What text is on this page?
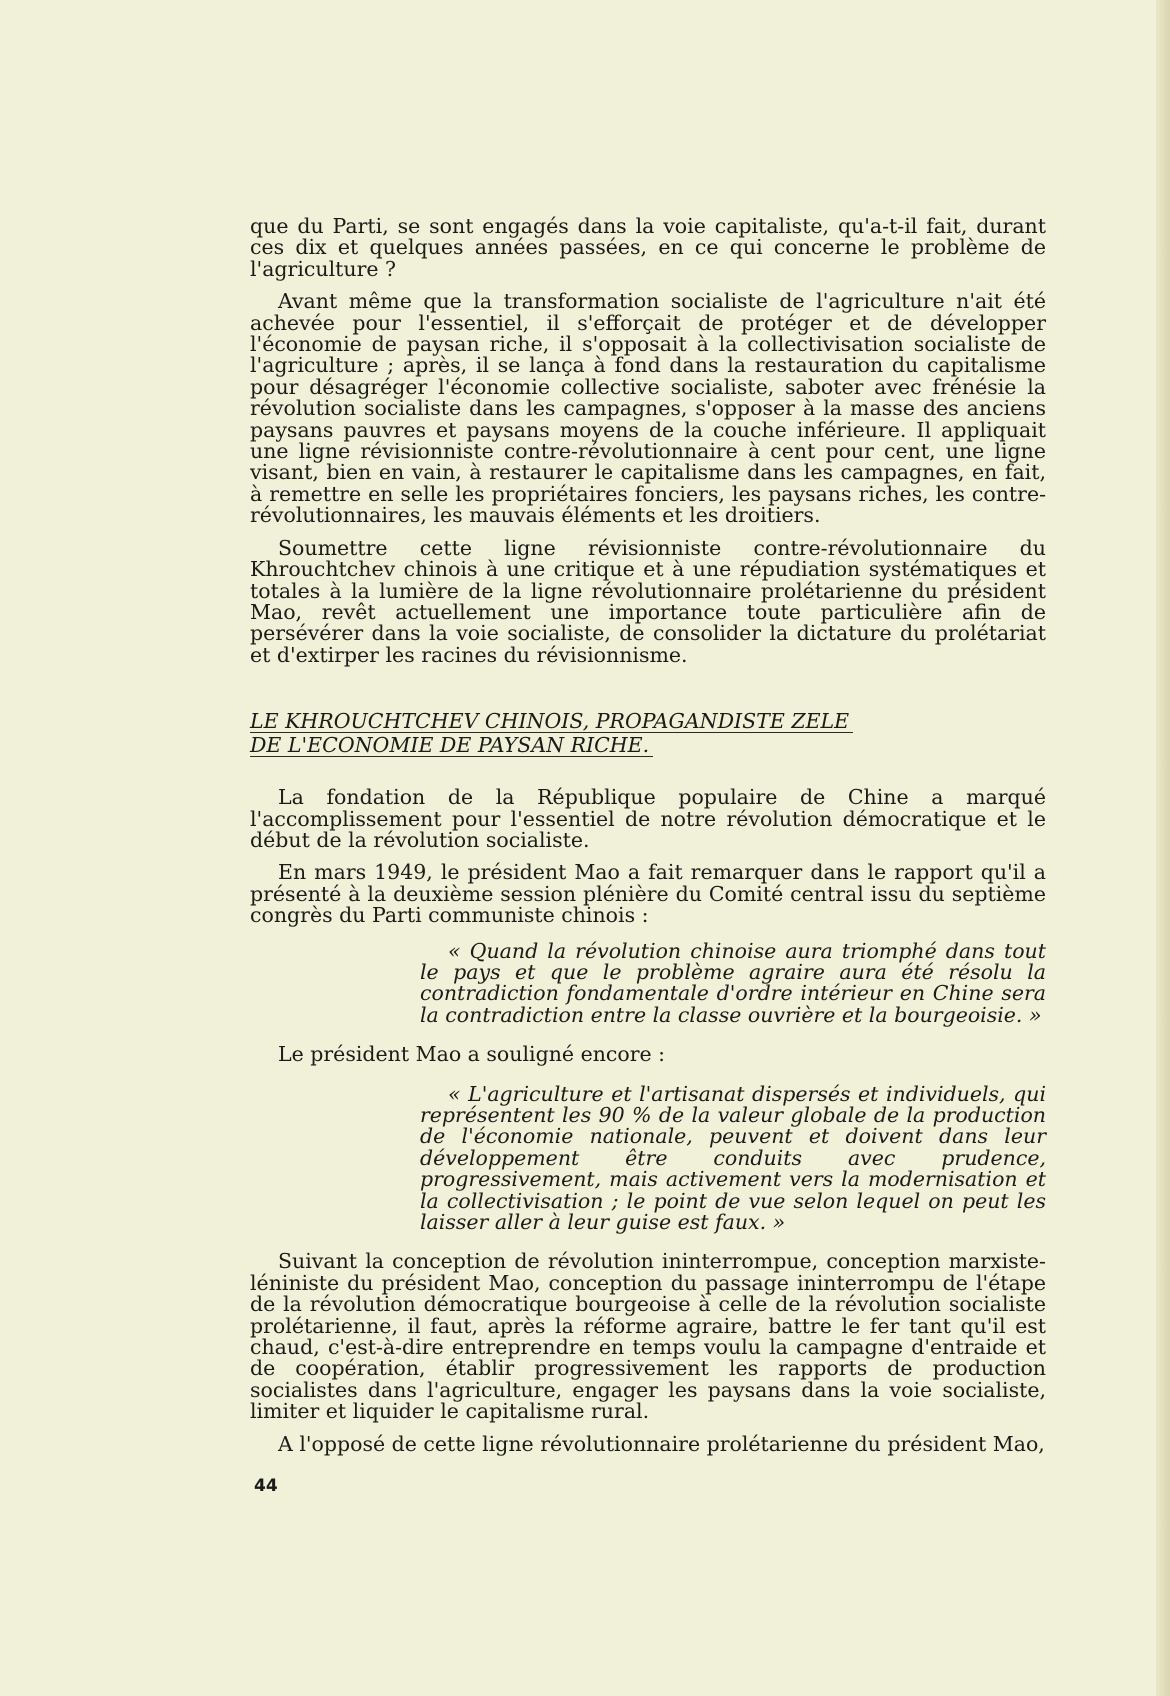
que du Parti, se sont engagés dans la voie capitaliste, qu'a-t-il fait, durant ces dix et quelques années passées, en ce qui concerne le problème de l'agriculture ?

Avant même que la transformation socialiste de l'agriculture n'ait été achevée pour l'essentiel, il s'efforçait de protéger et de développer l'économie de paysan riche, il s'opposait à la collectivisation socialiste de l'agriculture ; après, il se lança à fond dans la restauration du capitalisme pour désagréger l'économie collective socialiste, saboter avec frénésie la révolution socialiste dans les campagnes, s'opposer à la masse des anciens paysans pauvres et paysans moyens de la couche inférieure. Il appliquait une ligne révisionniste contre-révolutionnaire à cent pour cent, une ligne visant, bien en vain, à restaurer le capitalisme dans les campagnes, en fait, à remettre en selle les propriétaires fonciers, les paysans riches, les contre-révolutionnaires, les mauvais éléments et les droitiers.

Soumettre cette ligne révisionniste contre-révolutionnaire du Khrouchtchev chinois à une critique et à une répudiation systématiques et totales à la lumière de la ligne révolutionnaire prolétarienne du président Mao, revêt actuellement une importance toute particulière afin de persévérer dans la voie socialiste, de consolider la dictature du prolétariat et d'extirper les racines du révisionnisme.

LE KHROUCHTCHEV CHINOIS, PROPAGANDISTE ZELE
DE L'ECONOMIE DE PAYSAN RICHE.

La fondation de la République populaire de Chine a marqué l'accomplissement pour l'essentiel de notre révolution démocratique et le début de la révolution socialiste.

En mars 1949, le président Mao a fait remarquer dans le rapport qu'il a présenté à la deuxième session plénière du Comité central issu du septième congrès du Parti communiste chinois :

« Quand la révolution chinoise aura triomphé dans tout le pays et que le problème agraire aura été résolu la contradiction fondamentale d'ordre intérieur en Chine sera la contradiction entre la classe ouvrière et la bourgeoisie. »

Le président Mao a souligné encore :

« L'agriculture et l'artisanat dispersés et individuels, qui représentent les 90 % de la valeur globale de la production de l'économie nationale, peuvent et doivent dans leur développement être conduits avec prudence, progressivement, mais activement vers la modernisation et la collectivisation ; le point de vue selon lequel on peut les laisser aller à leur guise est faux. »

Suivant la conception de révolution ininterrompue, conception marxiste-léniniste du président Mao, conception du passage ininterrompu de l'étape de la révolution démocratique bourgeoise à celle de la révolution socialiste prolétarienne, il faut, après la réforme agraire, battre le fer tant qu'il est chaud, c'est-à-dire entreprendre en temps voulu la campagne d'entraide et de coopération, établir progressivement les rapports de production socialistes dans l'agriculture, engager les paysans dans la voie socialiste, limiter et liquider le capitalisme rural.

A l'opposé de cette ligne révolutionnaire prolétarienne du président Mao,

44
